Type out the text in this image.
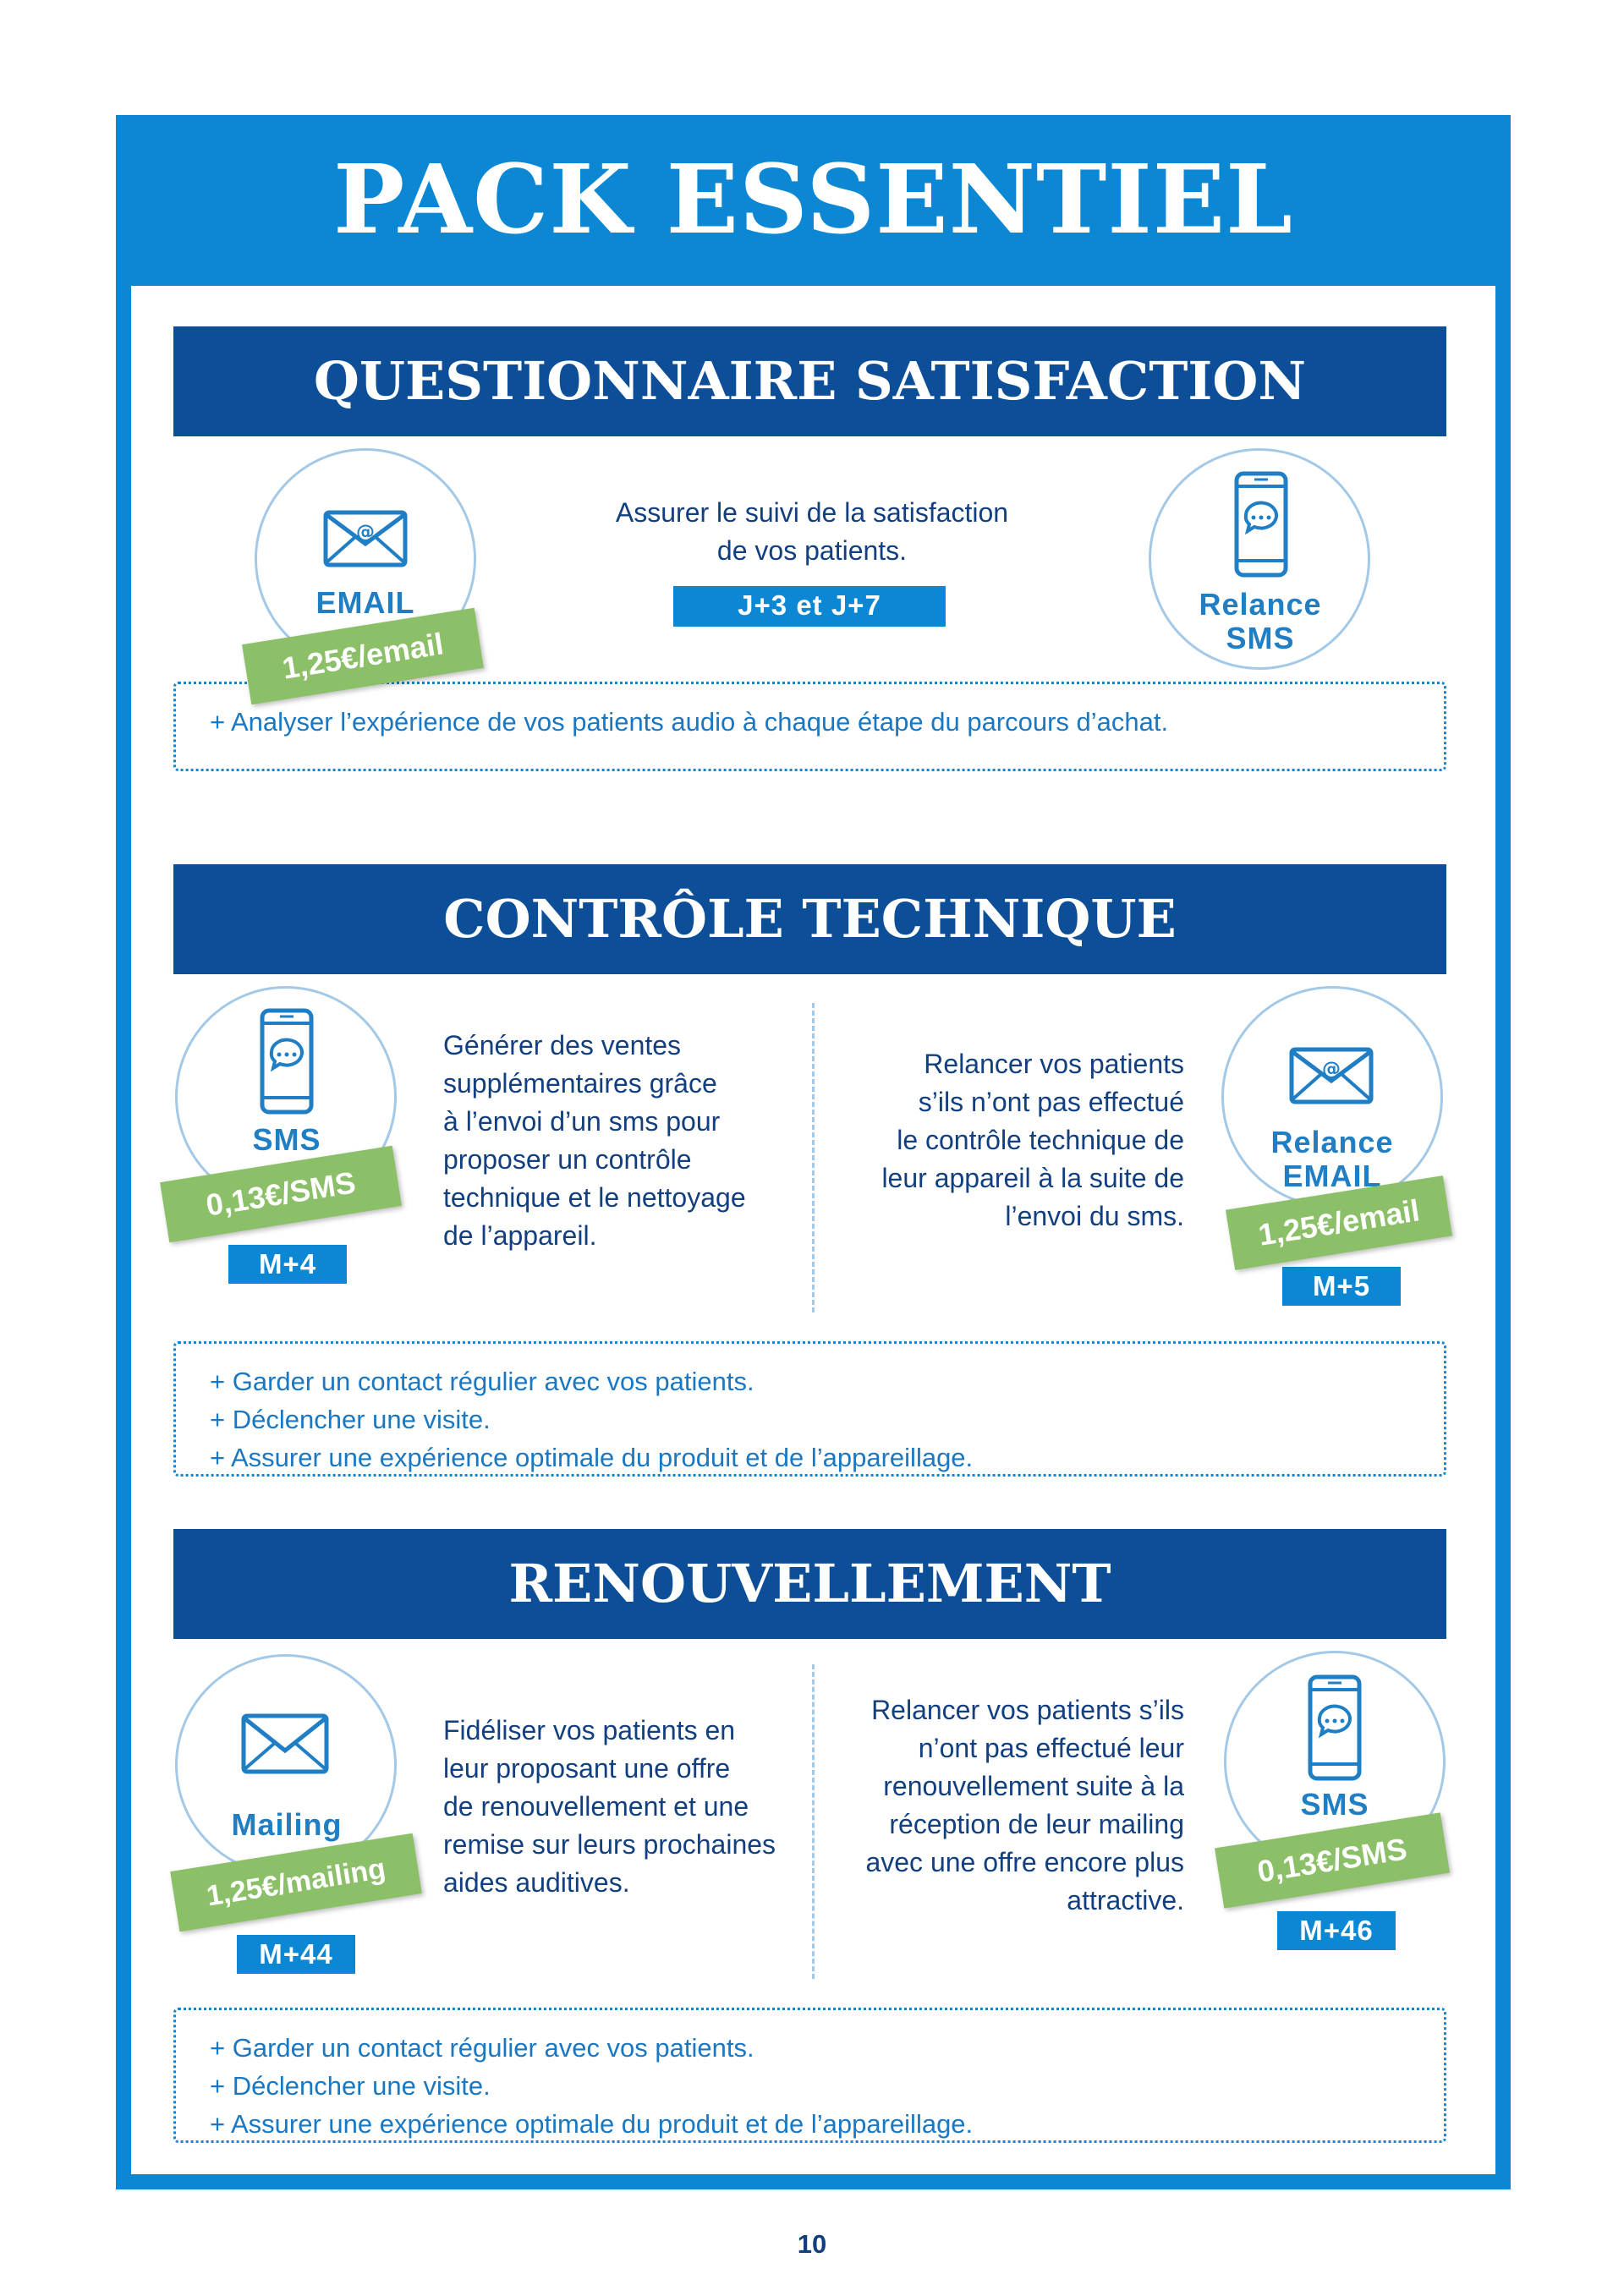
PACK ESSENTIEL
QUESTIONNAIRE SATISFACTION
+ Analyser l’expérience de vos patients audio à chaque étape du parcours d’achat.
@
EMAIL
1,25€/email
Assurer le suivi de la satisfaction
de vos patients.
J+3 et J+7	Relance
SMS
CONTRÔLE TECHNIQUE
+ Garder un contact régulier avec vos patients.
+ Déclencher une visite.
+ Assurer une expérience optimale du produit et de l’appareillage.
SMS
0,13€/SMS
M+4
Générer des ventes
supplémentaires grâce
à l’envoi d’un sms pour
proposer un contrôle
technique et le nettoyage
de l’appareil.
Relancer vos patients
s’ils n’ont pas effectué
le contrôle technique de
leur appareil à la suite de
l’envoi du sms.
@
Relance
EMAIL
M+5
1,25€/email
RENOUVELLEMENT
+ Garder un contact régulier avec vos patients.
+ Déclencher une visite.
+ Assurer une expérience optimale du produit et de l’appareillage.
Mailing
M+44
1,25€/mailing
Fidéliser vos patients en
leur proposant une offre
de renouvellement et une
remise sur leurs prochaines
aides auditives.
Relancer vos patients s’ils
n’ont pas effectué leur
renouvellement suite à la
réception de leur mailing
avec une offre encore plus
attractive.
SMS
0,13€/SMS
M+46
10
